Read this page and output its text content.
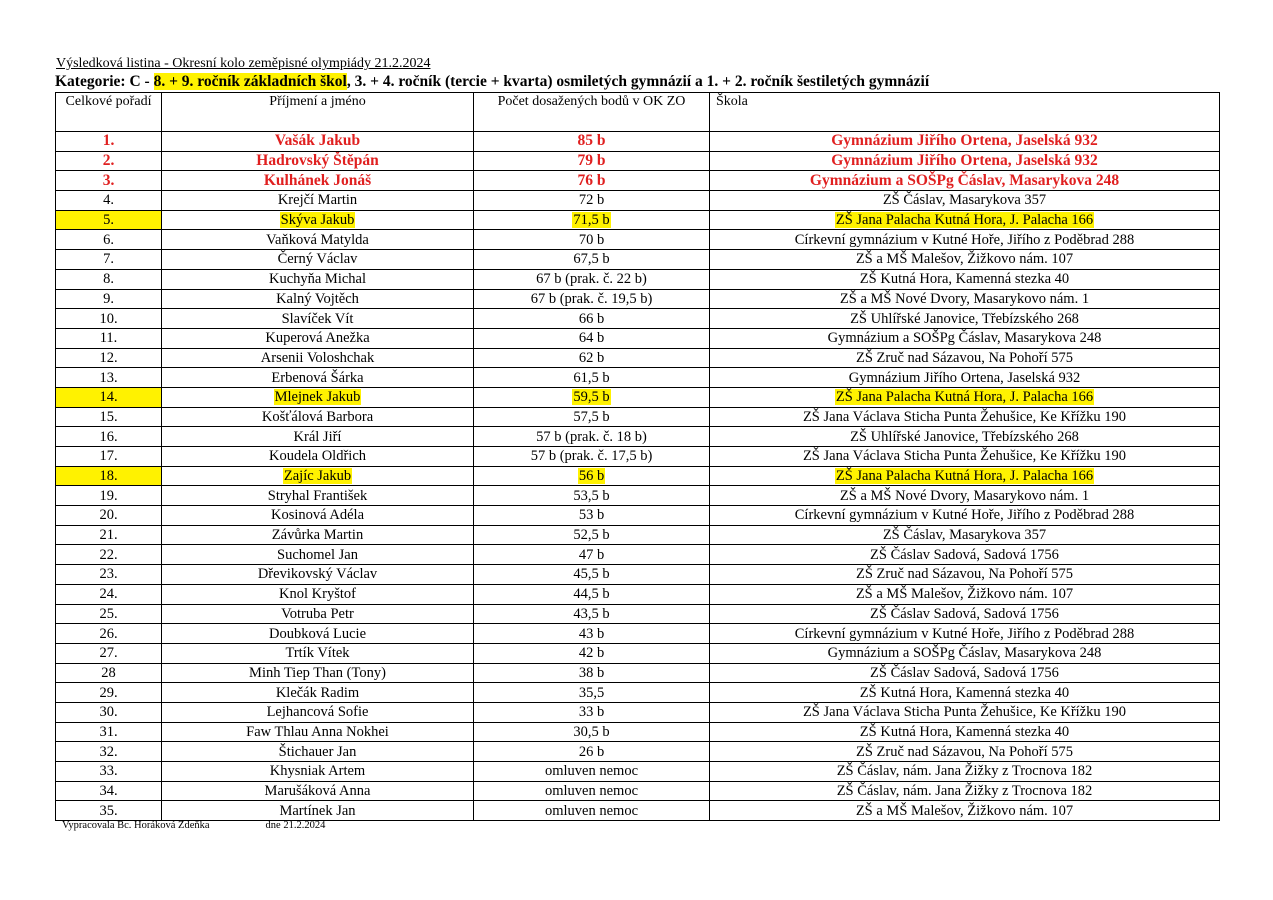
Výsledková listina - Okresní kolo zeměpisné olympiády 21.2.2024
Kategorie: C - 8. + 9. ročník základních škol, 3. + 4. ročník (tercie + kvarta) osmiletých gymnázií a 1. + 2. ročník šestiletých gymnázií
Celkové pořadí	Příjmení a jméno	Počet dosažených bodů v OK ZO	Škola
1.	Vašák Jakub	85 b	Gymnázium Jiřího Ortena, Jaselská 932
2.	Hadrovský Štěpán	79 b	Gymnázium Jiřího Ortena, Jaselská 932
3.	Kulhánek Jonáš	76 b	Gymnázium a SOŠPg Čáslav, Masarykova 248
4.	Krejčí Martin	72 b	ZŠ Čáslav, Masarykova 357
5.	Skýva Jakub	71,5 b	ZŠ Jana Palacha Kutná Hora, J. Palacha 166
6.	Vaňková Matylda	70 b	Církevní gymnázium v Kutné Hoře, Jiřího z Poděbrad 288
7.	Černý Václav	67,5 b	ZŠ a MŠ Malešov, Žižkovo nám. 107
8.	Kuchyňa Michal	67 b (prak. č. 22 b)	ZŠ Kutná Hora, Kamenná stezka 40
9.	Kalný Vojtěch	67 b (prak. č. 19,5 b)	ZŠ a MŠ Nové Dvory, Masarykovo nám. 1
10.	Slavíček Vít	66 b	ZŠ Uhlířské Janovice, Třebízského 268
11.	Kuperová Anežka	64 b	Gymnázium a SOŠPg Čáslav, Masarykova 248
12.	Arsenii Voloshchak	62 b	ZŠ Zruč nad Sázavou, Na Pohoří 575
13.	Erbenová Šárka	61,5 b	Gymnázium Jiřího Ortena, Jaselská 932
14.	Mlejnek Jakub	59,5 b	ZŠ Jana Palacha Kutná Hora, J. Palacha 166
15.	Košťálová Barbora	57,5 b	ZŠ Jana Václava Sticha Punta Žehušice, Ke Křížku 190
16.	Král Jiří	57 b (prak. č. 18 b)	ZŠ Uhlířské Janovice, Třebízského 268
17.	Koudela Oldřich	57 b (prak. č. 17,5 b)	ZŠ Jana Václava Sticha Punta Žehušice, Ke Křížku 190
18.	Zajíc Jakub	56 b	ZŠ Jana Palacha Kutná Hora, J. Palacha 166
19.	Stryhal František	53,5 b	ZŠ a MŠ Nové Dvory, Masarykovo nám. 1
20.	Kosinová Adéla	53 b	Církevní gymnázium v Kutné Hoře, Jiřího z Poděbrad 288
21.	Závůrka Martin	52,5 b	ZŠ Čáslav, Masarykova 357
22.	Suchomel Jan	47 b	ZŠ Čáslav Sadová, Sadová 1756
23.	Dřevikovský Václav	45,5 b	ZŠ Zruč nad Sázavou, Na Pohoří 575
24.	Knol Kryštof	44,5 b	ZŠ a MŠ Malešov, Žižkovo nám. 107
25.	Votruba Petr	43,5 b	ZŠ Čáslav Sadová, Sadová 1756
26.	Doubková Lucie	43 b	Církevní gymnázium v Kutné Hoře, Jiřího z Poděbrad 288
27.	Trtík Vítek	42 b	Gymnázium a SOŠPg Čáslav, Masarykova 248
28	Minh Tiep Than (Tony)	38 b	ZŠ Čáslav Sadová, Sadová 1756
29.	Klečák Radim	35,5	ZŠ Kutná Hora, Kamenná stezka 40
30.	Lejhancová Sofie	33 b	ZŠ Jana Václava Sticha Punta Žehušice, Ke Křížku 190
31.	Faw Thlau Anna Nokhei	30,5 b	ZŠ Kutná Hora, Kamenná stezka 40
32.	Štichauer Jan	26 b	ZŠ Zruč nad Sázavou, Na Pohoří 575
33.	Khysniak Artem	omluven nemoc	ZŠ Čáslav, nám. Jana Žižky z Trocnova 182
34.	Marušáková Anna	omluven nemoc	ZŠ Čáslav, nám. Jana Žižky z Trocnova 182
35.	Martínek Jan	omluven nemoc	ZŠ a MŠ Malešov, Žižkovo nám. 107
Vypracovala Bc. Horáková Zdeňka	dne 21.2.2024
